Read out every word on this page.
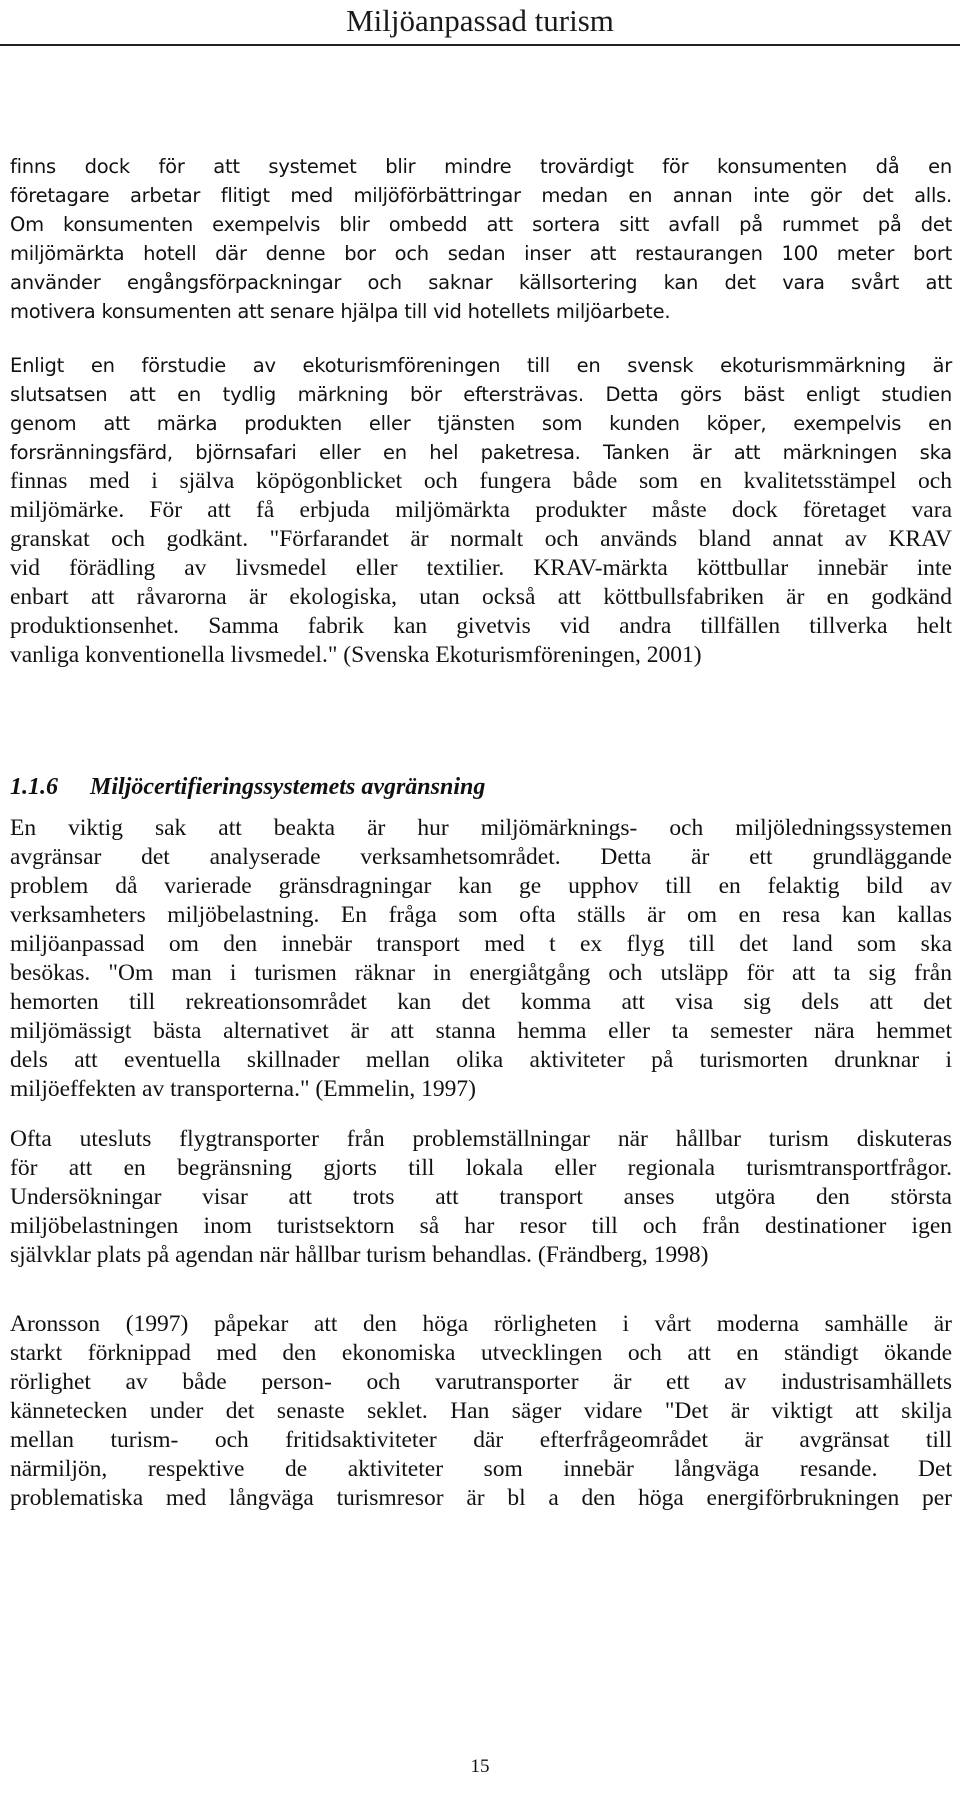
Miljöanpassad turism
finns dock för att systemet blir mindre trovärdigt för konsumenten då en
företagare arbetar flitigt med miljöförbättringar medan en annan inte gör det alls.
Om konsumenten exempelvis blir ombedd att sortera sitt avfall på rummet på det
miljömärkta hotell där denne bor och sedan inser att restaurangen 100 meter bort
använder engångsförpackningar och saknar källsortering kan det vara svårt att
motivera konsumenten att senare hjälpa till vid hotellets miljöarbete.
Enligt en förstudie av ekoturismföreningen till en svensk ekoturismmärkning är
slutsatsen att en tydlig märkning bör eftersträvas. Detta görs bäst enligt studien
genom att märka produkten eller tjänsten som kunden köper, exempelvis en
forsränningsfärd, björnsafari eller en hel paketresa. Tanken är att märkningen ska
finnas med i själva köpögonblicket och fungera både som en kvalitetsstämpel och
miljömärke. För att få erbjuda miljömärkta produkter måste dock företaget vara
granskat och godkänt. "Förfarandet är normalt och används bland annat av KRAV
vid förädling av livsmedel eller textilier. KRAV-märkta köttbullar innebär inte
enbart att råvarorna är ekologiska, utan också att köttbullsfabriken är en godkänd
produktionsenhet. Samma fabrik kan givetvis vid andra tillfällen tillverka helt
vanliga konventionella livsmedel." (Svenska Ekoturismföreningen, 2001)
1.1.6 Miljöcertifieringssystemets avgränsning
En viktig sak att beakta är hur miljömärknings- och miljöledningssystemen
avgränsar det analyserade verksamhetsområdet. Detta är ett grundläggande
problem då varierade gränsdragningar kan ge upphov till en felaktig bild av
verksamheters miljöbelastning. En fråga som ofta ställs är om en resa kan kallas
miljöanpassad om den innebär transport med t ex flyg till det land som ska
besökas. "Om man i turismen räknar in energiåtgång och utsläpp för att ta sig från
hemorten till rekreationsområdet kan det komma att visa sig dels att det
miljömässigt bästa alternativet är att stanna hemma eller ta semester nära hemmet
dels att eventuella skillnader mellan olika aktiviteter på turismorten drunknar i
miljöeffekten av transporterna." (Emmelin, 1997)
Ofta utesluts flygtransporter från problemställningar när hållbar turism diskuteras
för att en begränsning gjorts till lokala eller regionala turismtransportfrågor.
Undersökningar visar att trots att transport anses utgöra den största
miljöbelastningen inom turistsektorn så har resor till och från destinationer igen
självklar plats på agendan när hållbar turism behandlas. (Frändberg, 1998)
Aronsson (1997) påpekar att den höga rörligheten i vårt moderna samhälle är
starkt förknippad med den ekonomiska utvecklingen och att en ständigt ökande
rörlighet av både person- och varutransporter är ett av industrisamhällets
kännetecken under det senaste seklet. Han säger vidare "Det är viktigt att skilja
mellan turism- och fritidsaktiviteter där efterfrågeområdet är avgränsat till
närmiljön, respektive de aktiviteter som innebär långväga resande. Det
problematiska med långväga turismresor är bl a den höga energiförbrukningen per
15
